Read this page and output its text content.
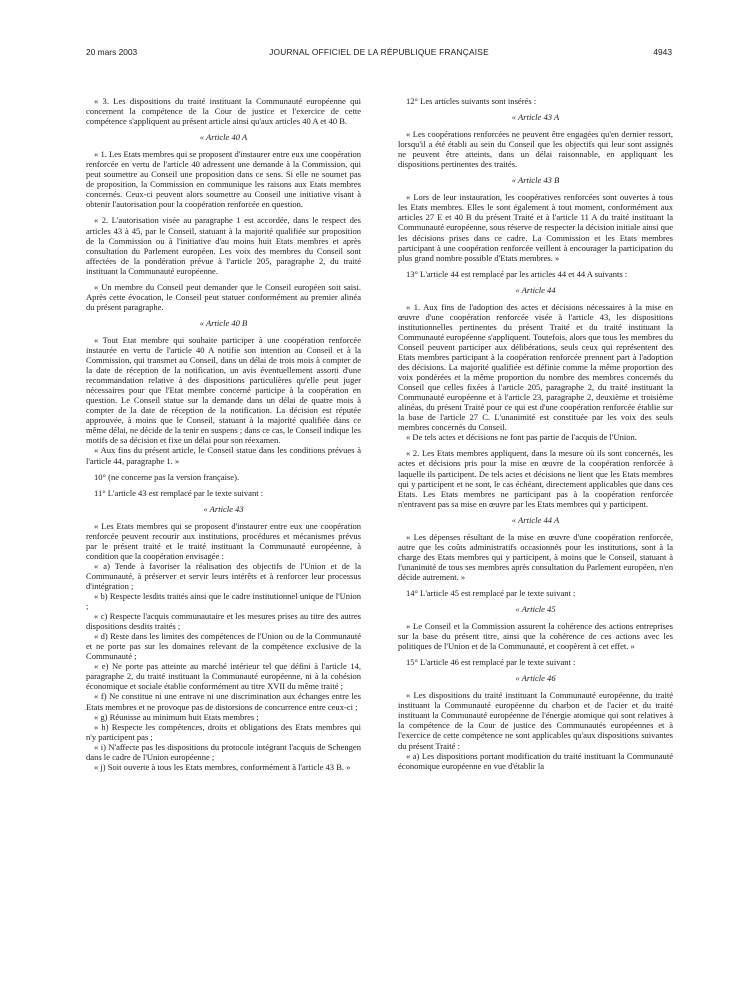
20 mars 2003	JOURNAL OFFICIEL DE LA RÉPUBLIQUE FRANÇAISE	4943

« 3. Les dispositions du traité instituant la Communauté européenne qui concernent la compétence de la Cour de justice et l'exercice de cette compétence s'appliquent au présent article ainsi qu'aux articles 40 A et 40 B.

« Article 40 A

« 1. Les Etats membres qui se proposent d'instaurer entre eux une coopération renforcée en vertu de l'article 40 adressent une demande à la Commission, qui peut soumettre au Conseil une proposition dans ce sens. Si elle ne soumet pas de proposition, la Commission en communique les raisons aux Etats membres concernés. Ceux-ci peuvent alors soumettre au Conseil une initiative visant à obtenir l'autorisation pour la coopération renforcée en question.

« 2. L'autorisation visée au paragraphe 1 est accordée, dans le respect des articles 43 à 45, par le Conseil, statuant à la majorité qualifiée sur proposition de la Commission ou à l'initiative d'au moins huit Etats membres et après consultation du Parlement européen. Les voix des membres du Conseil sont affectées de la pondération prévue à l'article 205, paragraphe 2, du traité instituant la Communauté européenne.

« Un membre du Conseil peut demander que le Conseil européen soit saisi. Après cette évocation, le Conseil peut statuer conformément au premier alinéa du présent paragraphe.

« Article 40 B

« Tout Etat membre qui souhaite participer à une coopération renforcée instaurée en vertu de l'article 40 A notifie son intention au Conseil et à la Commission, qui transmet au Conseil, dans un délai de trois mois à compter de la date de réception de la notification, un avis éventuellement assorti d'une recommandation relative à des dispositions particulières qu'elle peut juger nécessaires pour que l'Etat membre concerné participe à la coopération en question. Le Conseil statue sur la demande dans un délai de quatre mois à compter de la date de réception de la notification. La décision est réputée approuvée, à moins que le Conseil, statuant à la majorité qualifiée dans ce même délai, ne décide de la tenir en suspens ; dans ce cas, le Conseil indique les motifs de sa décision et fixe un délai pour son réexamen.

« Aux fins du présent article, le Conseil statue dans les conditions prévues à l'article 44, paragraphe 1. »

10° (ne concerne pas la version française).

11° L'article 43 est remplacé par le texte suivant :

« Article 43

« Les Etats membres qui se proposent d'instaurer entre eux une coopération renforcée peuvent recourir aux institutions, procédures et mécanismes prévus par le présent traité et le traité instituant la Communauté européenne, à condition que la coopération envisagée :

« a) Tende à favoriser la réalisation des objectifs de l'Union et de la Communauté, à préserver et servir leurs intérêts et à renforcer leur processus d'intégration ;

« b) Respecte lesdits traités ainsi que le cadre institutionnel unique de l'Union ;

« c) Respecte l'acquis communautaire et les mesures prises au titre des autres dispositions desdits traités ;

« d) Reste dans les limites des compétences de l'Union ou de la Communauté et ne porte pas sur les domaines relevant de la compétence exclusive de la Communauté ;

« e) Ne porte pas atteinte au marché intérieur tel que défini à l'article 14, paragraphe 2, du traité instituant la Communauté européenne, ni à la cohésion économique et sociale établie conformément au titre XVII du même traité ;

« f) Ne constitue ni une entrave ni une discrimination aux échanges entre les Etats membres et ne provoque pas de distorsions de concurrence entre ceux-ci ;

« g) Réunisse au minimum huit Etats membres ;

« h) Respecte les compétences, droits et obligations des Etats membres qui n'y participent pas ;

« i) N'affecte pas les dispositions du protocole intégrant l'acquis de Schengen dans le cadre de l'Union européenne ;

« j) Soit ouverte à tous les Etats membres, conformément à l'article 43 B. »

12° Les articles suivants sont insérés :

« Article 43 A

« Les coopérations renforcées ne peuvent être engagées qu'en dernier ressort, lorsqu'il a été établi au sein du Conseil que les objectifs qui leur sont assignés ne peuvent être atteints, dans un délai raisonnable, en appliquant les dispositions pertinentes des traités.

« Article 43 B

« Lors de leur instauration, les coopératives renforcées sont ouvertes à tous les Etats membres. Elles le sont également à tout moment, conformément aux articles 27 E et 40 B du présent Traité et à l'article 11 A du traité instituant la Communauté européenne, sous réserve de respecter la décision initiale ainsi que les décisions prises dans ce cadre. La Commission et les Etats membres participant à une coopération renforcée veillent à encourager la participation du plus grand nombre possible d'Etats membres. »

13° L'article 44 est remplacé par les articles 44 et 44 A suivants :

« Article 44

« 1. Aux fins de l'adoption des actes et décisions nécessaires à la mise en œuvre d'une coopération renforcée visée à l'article 43, les dispositions institutionnelles pertinentes du présent Traité et du traité instituant la Communauté européenne s'appliquent. Toutefois, alors que tous les membres du Conseil peuvent participer aux délibérations, seuls ceux qui représentent des Etats membres participant à la coopération renforcée prennent part à l'adoption des décisions. La majorité qualifiée est définie comme la même proportion des voix pondérées et la même proportion du nombre des membres concernés du Conseil que celles fixées à l'article 205, paragraphe 2, du traité instituant la Communauté européenne et à l'article 23, paragraphe 2, deuxième et troisième alinéas, du présent Traité pour ce qui est d'une coopération renforcée établie sur la base de l'article 27 C. L'unanimité est constituée par les voix des seuls membres concernés du Conseil.

« De tels actes et décisions ne font pas partie de l'acquis de l'Union.

« 2. Les Etats membres appliquent, dans la mesure où ils sont concernés, les actes et décisions pris pour la mise en œuvre de la coopération renforcée à laquelle ils participent. De tels actes et décisions ne lient que les Etats membres qui y participent et ne sont, le cas échéant, directement applicables que dans ces Etats. Les Etats membres ne participant pas à la coopération renforcée n'entravent pas sa mise en œuvre par les Etats membres qui y participent.

« Article 44 A

« Les dépenses résultant de la mise en œuvre d'une coopération renforcée, autre que les coûts administratifs occasionnés pour les institutions, sont à la charge des Etats membres qui y participent, à moins que le Conseil, statuant à l'unanimité de tous ses membres après consultation du Parlement européen, n'en décide autrement. »

14° L'article 45 est remplacé par le texte suivant :

« Article 45

« Le Conseil et la Commission assurent la cohérence des actions entreprises sur la base du présent titre, ainsi que la cohérence de ces actions avec les politiques de l'Union et de la Communauté, et coopèrent à cet effet. »

15° L'article 46 est remplacé par le texte suivant :

« Article 46

« Les dispositions du traité instituant la Communauté européenne, du traité instituant la Communauté européenne du charbon et de l'acier et du traité instituant la Communauté européenne de l'énergie atomique qui sont relatives à la compétence de la Cour de justice des Communautés européennes et à l'exercice de cette compétence ne sont applicables qu'aux dispositions suivantes du présent Traité :

« a) Les dispositions portant modification du traité instituant la Communauté économique européenne en vue d'établir la
